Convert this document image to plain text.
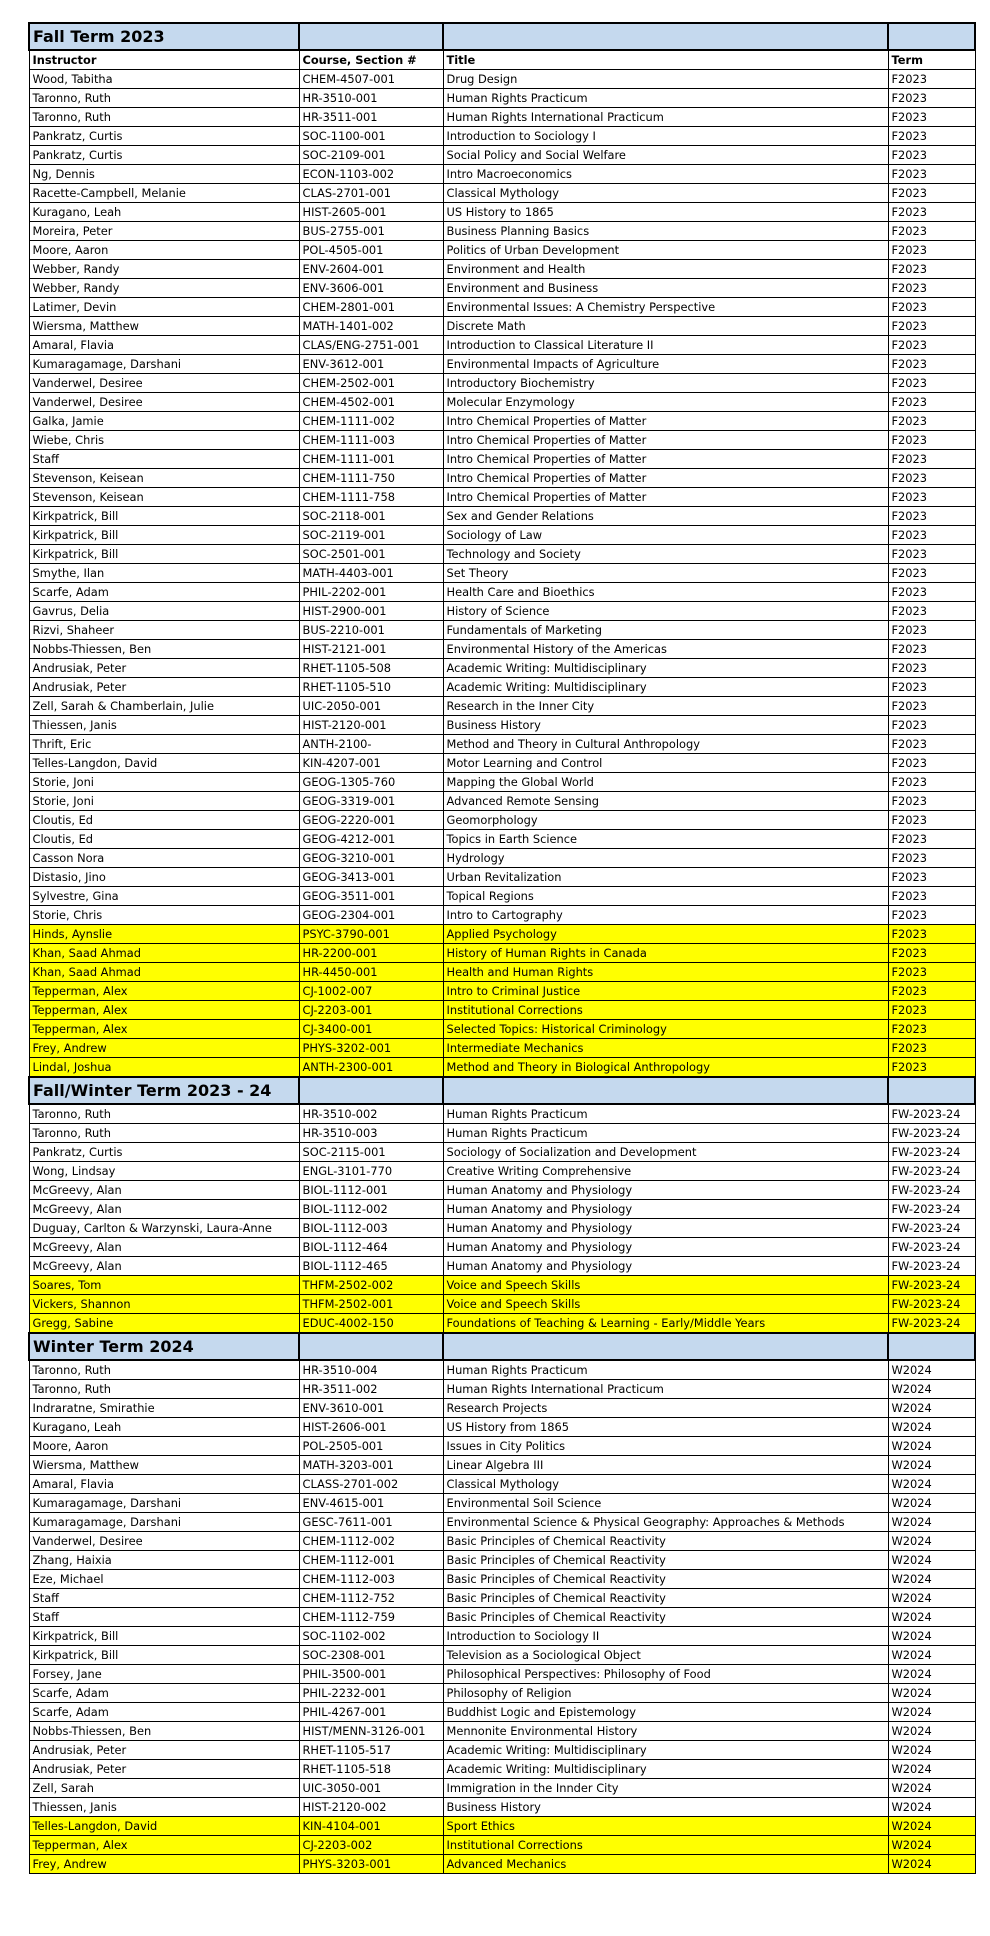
Fall Term 2023			
Instructor	Course, Section #	Title	Term
Wood, Tabitha	CHEM-4507-001	Drug Design	F2023
Taronno, Ruth	HR-3510-001	Human Rights Practicum	F2023
Taronno, Ruth	HR-3511-001	Human Rights International Practicum	F2023
Pankratz, Curtis	SOC-1100-001	Introduction to Sociology I	F2023
Pankratz, Curtis	SOC-2109-001	Social Policy and Social Welfare	F2023
Ng, Dennis	ECON-1103-002	Intro Macroeconomics	F2023
Racette-Campbell, Melanie	CLAS-2701-001	Classical Mythology	F2023
Kuragano, Leah	HIST-2605-001	US History to 1865	F2023
Moreira, Peter	BUS-2755-001	Business Planning Basics	F2023
Moore, Aaron	POL-4505-001	Politics of Urban Development	F2023
Webber, Randy	ENV-2604-001	Environment and Health	F2023
Webber, Randy	ENV-3606-001	Environment and Business	F2023
Latimer, Devin	CHEM-2801-001	Environmental Issues: A Chemistry Perspective	F2023
Wiersma, Matthew	MATH-1401-002	Discrete Math	F2023
Amaral, Flavia	CLAS/ENG-2751-001	Introduction to Classical Literature II	F2023
Kumaragamage, Darshani	ENV-3612-001	Environmental Impacts of Agriculture	F2023
Vanderwel, Desiree	CHEM-2502-001	Introductory Biochemistry	F2023
Vanderwel, Desiree	CHEM-4502-001	Molecular Enzymology	F2023
Galka, Jamie	CHEM-1111-002	Intro Chemical Properties of Matter	F2023
Wiebe, Chris	CHEM-1111-003	Intro Chemical Properties of Matter	F2023
Staff	CHEM-1111-001	Intro Chemical Properties of Matter	F2023
Stevenson, Keisean	CHEM-1111-750	Intro Chemical Properties of Matter	F2023
Stevenson, Keisean	CHEM-1111-758	Intro Chemical Properties of Matter	F2023
Kirkpatrick, Bill	SOC-2118-001	Sex and Gender Relations	F2023
Kirkpatrick, Bill	SOC-2119-001	Sociology of Law	F2023
Kirkpatrick, Bill	SOC-2501-001	Technology and Society	F2023
Smythe, Ilan	MATH-4403-001	Set Theory	F2023
Scarfe, Adam	PHIL-2202-001	Health Care and Bioethics	F2023
Gavrus, Delia	HIST-2900-001	History of Science	F2023
Rizvi, Shaheer	BUS-2210-001	Fundamentals of Marketing	F2023
Nobbs-Thiessen, Ben	HIST-2121-001	Environmental History of the Americas	F2023
Andrusiak, Peter	RHET-1105-508	Academic Writing: Multidisciplinary	F2023
Andrusiak, Peter	RHET-1105-510	Academic Writing: Multidisciplinary	F2023
Zell, Sarah & Chamberlain, Julie	UIC-2050-001	Research in the Inner City	F2023
Thiessen, Janis	HIST-2120-001	Business History	F2023
Thrift, Eric	ANTH-2100-	Method and Theory in Cultural Anthropology	F2023
Telles-Langdon, David	KIN-4207-001	Motor Learning and Control	F2023
Storie, Joni	GEOG-1305-760	Mapping the Global World	F2023
Storie, Joni	GEOG-3319-001	Advanced Remote Sensing	F2023
Cloutis, Ed	GEOG-2220-001	Geomorphology	F2023
Cloutis, Ed	GEOG-4212-001	Topics in Earth Science	F2023
Casson Nora	GEOG-3210-001	Hydrology	F2023
Distasio, Jino	GEOG-3413-001	Urban Revitalization	F2023
Sylvestre, Gina	GEOG-3511-001	Topical Regions	F2023
Storie, Chris	GEOG-2304-001	Intro to Cartography	F2023
Hinds, Aynslie	PSYC-3790-001	Applied Psychology	F2023
Khan, Saad Ahmad	HR-2200-001	History of Human Rights in Canada	F2023
Khan, Saad Ahmad	HR-4450-001	Health and Human Rights	F2023
Tepperman, Alex	CJ-1002-007	Intro to Criminal Justice	F2023
Tepperman, Alex	CJ-2203-001	Institutional Corrections	F2023
Tepperman, Alex	CJ-3400-001	Selected Topics: Historical Criminology	F2023
Frey, Andrew	PHYS-3202-001	Intermediate Mechanics	F2023
Lindal, Joshua	ANTH-2300-001	Method and Theory in Biological Anthropology	F2023
Fall/Winter Term 2023 - 24			
Taronno, Ruth	HR-3510-002	Human Rights Practicum	FW-2023-24
Taronno, Ruth	HR-3510-003	Human Rights Practicum	FW-2023-24
Pankratz, Curtis	SOC-2115-001	Sociology of Socialization and Development	FW-2023-24
Wong, Lindsay	ENGL-3101-770	Creative Writing Comprehensive	FW-2023-24
McGreevy, Alan	BIOL-1112-001	Human Anatomy and Physiology	FW-2023-24
McGreevy, Alan	BIOL-1112-002	Human Anatomy and Physiology	FW-2023-24
Duguay, Carlton & Warzynski, Laura-Anne	BIOL-1112-003	Human Anatomy and Physiology	FW-2023-24
McGreevy, Alan	BIOL-1112-464	Human Anatomy and Physiology	FW-2023-24
McGreevy, Alan	BIOL-1112-465	Human Anatomy and Physiology	FW-2023-24
Soares, Tom	THFM-2502-002	Voice and Speech Skills	FW-2023-24
Vickers, Shannon	THFM-2502-001	Voice and Speech Skills	FW-2023-24
Gregg, Sabine	EDUC-4002-150	Foundations of Teaching & Learning - Early/Middle Years	FW-2023-24
Winter Term 2024			
Taronno, Ruth	HR-3510-004	Human Rights Practicum	W2024
Taronno, Ruth	HR-3511-002	Human Rights International Practicum	W2024
Indraratne, Smirathie	ENV-3610-001	Research Projects	W2024
Kuragano, Leah	HIST-2606-001	US History from 1865	W2024
Moore, Aaron	POL-2505-001	Issues in City Politics	W2024
Wiersma, Matthew	MATH-3203-001	Linear Algebra III	W2024
Amaral, Flavia	CLASS-2701-002	Classical Mythology	W2024
Kumaragamage, Darshani	ENV-4615-001	Environmental Soil Science	W2024
Kumaragamage, Darshani	GESC-7611-001	Environmental Science & Physical Geography: Approaches & Methods	W2024
Vanderwel, Desiree	CHEM-1112-002	Basic Principles of Chemical Reactivity	W2024
Zhang, Haixia	CHEM-1112-001	Basic Principles of Chemical Reactivity	W2024
Eze, Michael	CHEM-1112-003	Basic Principles of Chemical Reactivity	W2024
Staff	CHEM-1112-752	Basic Principles of Chemical Reactivity	W2024
Staff	CHEM-1112-759	Basic Principles of Chemical Reactivity	W2024
Kirkpatrick, Bill	SOC-1102-002	Introduction to Sociology II	W2024
Kirkpatrick, Bill	SOC-2308-001	Television as a Sociological Object	W2024
Forsey, Jane	PHIL-3500-001	Philosophical Perspectives: Philosophy of Food	W2024
Scarfe, Adam	PHIL-2232-001	Philosophy of Religion	W2024
Scarfe, Adam	PHIL-4267-001	Buddhist Logic and Epistemology	W2024
Nobbs-Thiessen, Ben	HIST/MENN-3126-001	Mennonite Environmental History	W2024
Andrusiak, Peter	RHET-1105-517	Academic Writing: Multidisciplinary	W2024
Andrusiak, Peter	RHET-1105-518	Academic Writing: Multidisciplinary	W2024
Zell, Sarah	UIC-3050-001	Immigration in the Innder City	W2024
Thiessen, Janis	HIST-2120-002	Business History	W2024
Telles-Langdon, David	KIN-4104-001	Sport Ethics	W2024
Tepperman, Alex	CJ-2203-002	Institutional Corrections	W2024
Frey, Andrew	PHYS-3203-001	Advanced Mechanics	W2024
